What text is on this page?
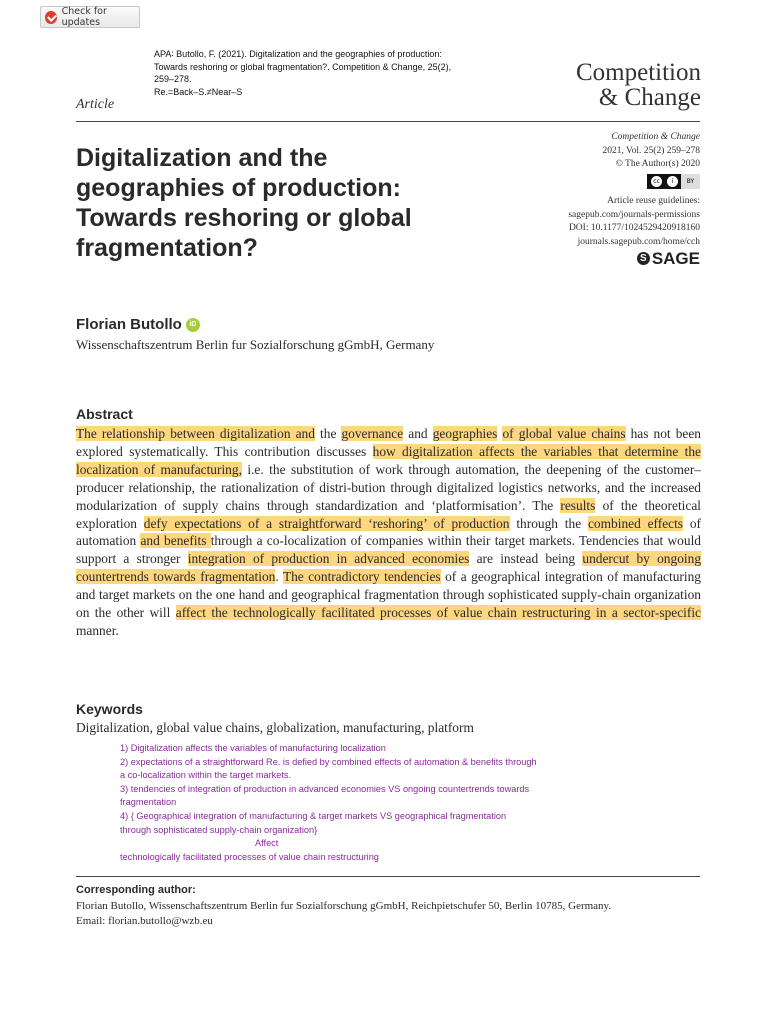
Check for updates
APA∶ Butollo, F. (2021). Digitalization and the geographies of production:
Towards reshoring or global fragmentation?. Competition & Change, 25(2),
259–278.
Re.=Back–S.≠Near–S
Article
Competition
& Change
Digitalization and the
geographies of production:
Towards reshoring or global
fragmentation?
Competition & Change
2021, Vol. 25(2) 259–278
© The Author(s) 2020
cc	i	BY
Article reuse guidelines:
sagepub.com/journals-permissions
DOI: 10.1177/1024529420918160
journals.sagepub.com/home/cch
S SAGE
Florian Butollo	iD
Wissenschaftszentrum Berlin fur Sozialforschung gGmbH, Germany
Abstract
The relationship between digitalization and the governance and geographies of global value chains has not been explored systematically. This contribution discusses how digitalization affects the variables that determine the localization of manufacturing, i.e. the substitution of work through automation, the deepening of the customer–producer relationship, the rationalization of distri-bution through digitalized logistics networks, and the increased modularization of supply chains through standardization and ‘platformisation’. The results of the theoretical exploration defy expectations of a straightforward ‘reshoring’ of production through the combined effects of automation and benefits through a co-localization of companies within their target markets. Tendencies that would support a stronger integration of production in advanced economies are instead being undercut by ongoing countertrends towards fragmentation. The contradictory tendencies of a geographical integration of manufacturing and target markets on the one hand and geographical fragmentation through sophisticated supply-chain organization on the other will affect the technologically facilitated processes of value chain restructuring in a sector-specific manner.
Keywords
Digitalization, global value chains, globalization, manufacturing, platform
1) Digitalization affects the variables of manufacturing localization
2) expectations of a straightforward Re. is defied by combined effects of automation & benefits through
a co-localization within the target markets.
3) tendencies of integration of production in advanced economies VS ongoing countertrends towards
fragmentation
4) { Geographical integration of manufacturing & target markets VS geographical fragmentation
through sophisticated supply-chain organization}
Affect
technologically facilitated processes of value chain restructuring
Corresponding author:
Florian Butollo, Wissenschaftszentrum Berlin fur Sozialforschung gGmbH, Reichpietschufer 50, Berlin 10785, Germany.
Email: florian.butollo@wzb.eu
